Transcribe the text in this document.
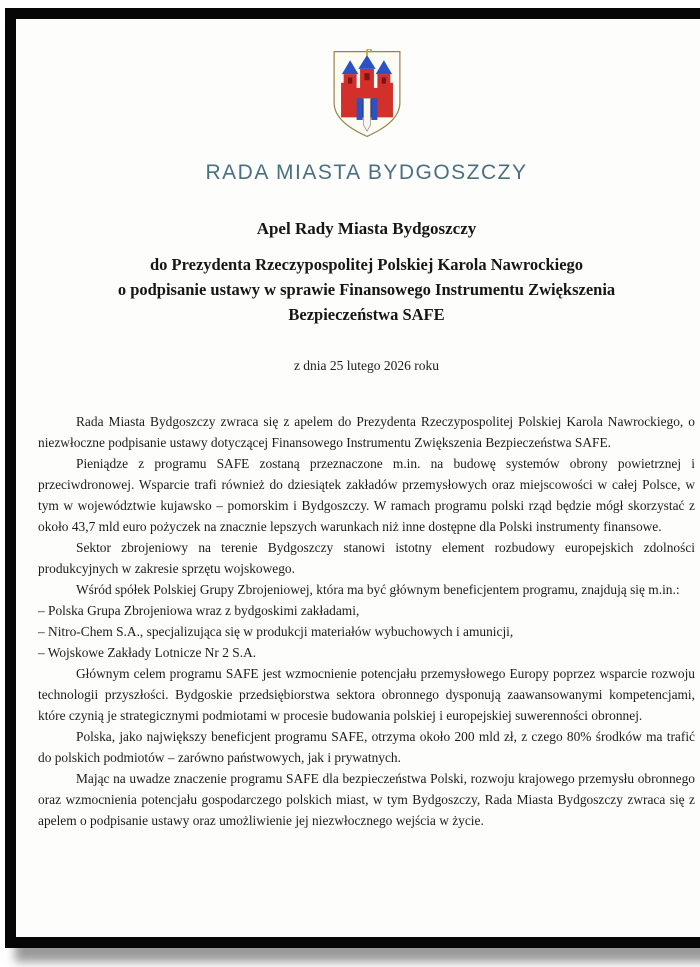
RADA MIASTA BYDGOSZCZY
Apel Rady Miasta Bydgoszczy
do Prezydenta Rzeczypospolitej Polskiej Karola Nawrockiego
o podpisanie ustawy w sprawie Finansowego Instrumentu Zwiększenia
Bezpieczeństwa SAFE
z dnia 25 lutego 2026 roku

Rada Miasta Bydgoszczy zwraca się z apelem do Prezydenta Rzeczypospolitej Polskiej Karola Nawrockiego, o niezwłoczne podpisanie ustawy dotyczącej Finansowego Instrumentu Zwiększenia Bezpieczeństwa SAFE.

Pieniądze z programu SAFE zostaną przeznaczone m.in. na budowę systemów obrony powietrznej i przeciwdronowej. Wsparcie trafi również do dziesiątek zakładów przemysłowych oraz miejscowości w całej Polsce, w tym w województwie kujawsko – pomorskim i Bydgoszczy. W ramach programu polski rząd będzie mógł skorzystać z około 43,7 mld euro pożyczek na znacznie lepszych warunkach niż inne dostępne dla Polski instrumenty finansowe.

Sektor zbrojeniowy na terenie Bydgoszczy stanowi istotny element rozbudowy europejskich zdolności produkcyjnych w zakresie sprzętu wojskowego.

Wśród spółek Polskiej Grupy Zbrojeniowej, która ma być głównym beneficjentem programu, znajdują się m.in.:

– Polska Grupa Zbrojeniowa wraz z bydgoskimi zakładami,

– Nitro-Chem S.A., specjalizująca się w produkcji materiałów wybuchowych i amunicji,

– Wojskowe Zakłady Lotnicze Nr 2 S.A.

Głównym celem programu SAFE jest wzmocnienie potencjału przemysłowego Europy poprzez wsparcie rozwoju technologii przyszłości. Bydgoskie przedsiębiorstwa sektora obronnego dysponują zaawansowanymi kompetencjami, które czynią je strategicznymi podmiotami w procesie budowania polskiej i europejskiej suwerenności obronnej.

Polska, jako największy beneficjent programu SAFE, otrzyma około 200 mld zł, z czego 80% środków ma trafić do polskich podmiotów – zarówno państwowych, jak i prywatnych.

Mając na uwadze znaczenie programu SAFE dla bezpieczeństwa Polski, rozwoju krajowego przemysłu obronnego oraz wzmocnienia potencjału gospodarczego polskich miast, w tym Bydgoszczy, Rada Miasta Bydgoszczy zwraca się z apelem o podpisanie ustawy oraz umożliwienie jej niezwłocznego wejścia w życie.
